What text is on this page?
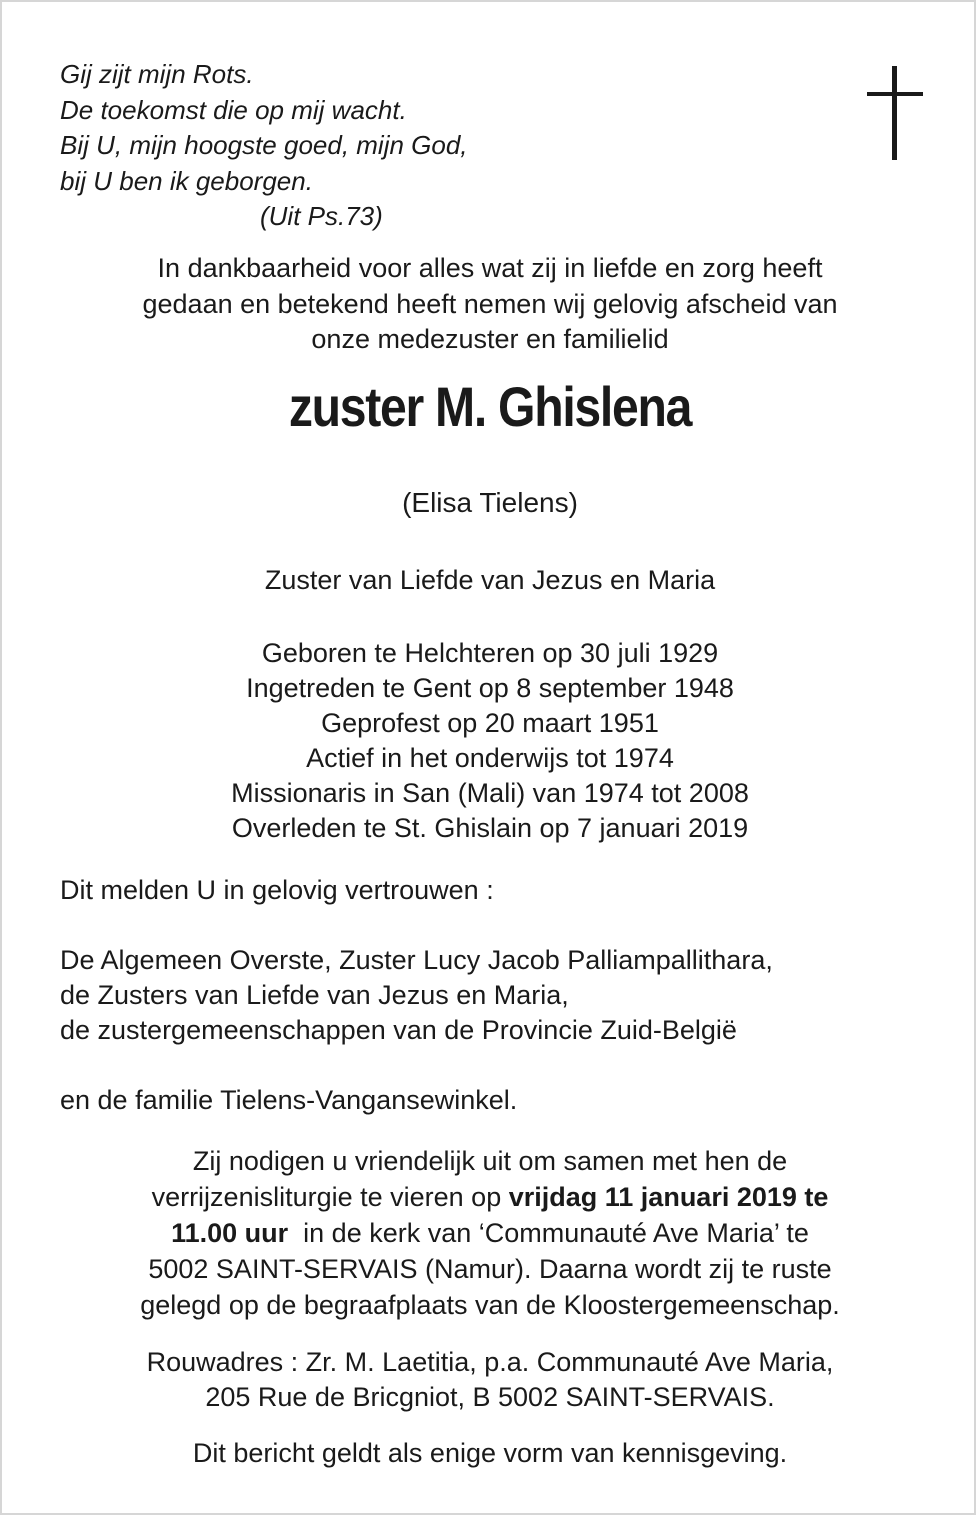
Gij zijt mijn Rots.
De toekomst die op mij wacht.
Bij U, mijn hoogste goed, mijn God,
bij U ben ik geborgen.
(Uit Ps.73)
In dankbaarheid voor alles wat zij in liefde en zorg heeft
gedaan en betekend heeft nemen wij gelovig afscheid van
onze medezuster en familielid
zuster M. Ghislena
(Elisa Tielens)
Zuster van Liefde van Jezus en Maria
Geboren te Helchteren op 30 juli 1929
Ingetreden te Gent op 8 september 1948
Geprofest op 20 maart 1951
Actief in het onderwijs tot 1974
Missionaris in San (Mali) van 1974 tot 2008
Overleden te St. Ghislain op 7 januari 2019
Dit melden U in gelovig vertrouwen :
De Algemeen Overste, Zuster Lucy Jacob Palliampallithara,
de Zusters van Liefde van Jezus en Maria,
de zustergemeenschappen van de Provincie Zuid-België
en de familie Tielens-Vangansewinkel.
Zij nodigen u vriendelijk uit om samen met hen de
verrijzenisliturgie te vieren op vrijdag 11 januari 2019 te
11.00 uur  in de kerk van ‘Communauté Ave Maria’ te
5002 SAINT-SERVAIS (Namur). Daarna wordt zij te ruste
gelegd op de begraafplaats van de Kloostergemeenschap.
Rouwadres : Zr. M. Laetitia, p.a. Communauté Ave Maria,
205 Rue de Bricgniot, B 5002 SAINT-SERVAIS.
Dit bericht geldt als enige vorm van kennisgeving.
